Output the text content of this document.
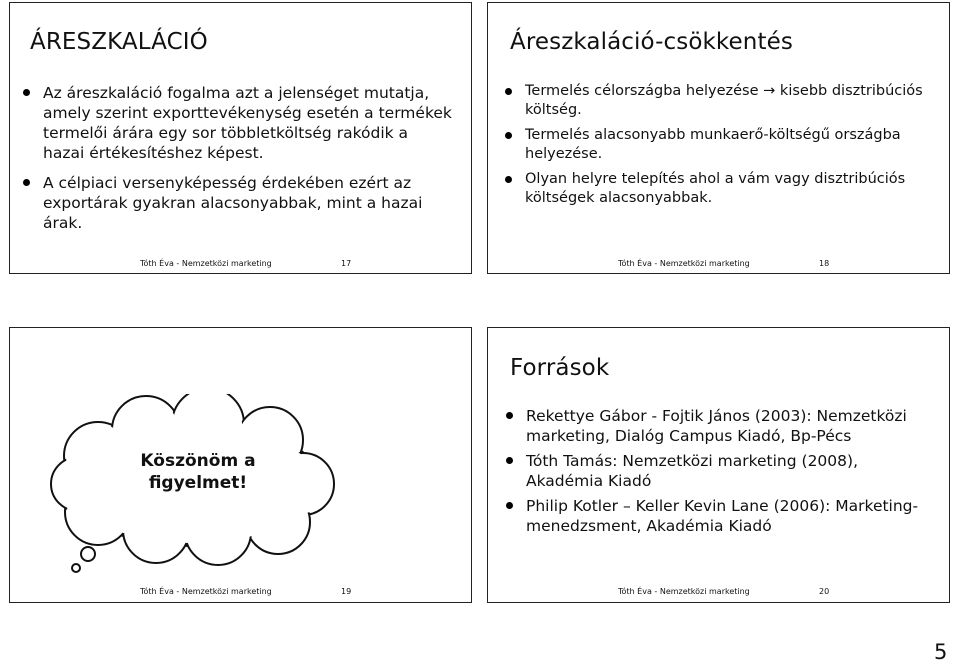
ÁRESZKALÁCIÓ
Az áreszkaláció fogalma azt a jelenséget mutatja, amely szerint exporttevékenység esetén a termékek termelői árára egy sor többletköltség rakódik a hazai értékesítéshez képest.
A célpiaci versenyképesség érdekében ezért az exportárak gyakran alacsonyabbak, mint a hazai árak.
Tóth Éva - Nemzetközi marketing	17
Áreszkaláció-csökkentés
Termelés célországba helyezése → kisebb disztribúciós költség.
Termelés alacsonyabb munkaerő-költségű országba helyezése.
Olyan helyre telepítés ahol a vám vagy disztribúciós költségek alacsonyabbak.
Tóth Éva - Nemzetközi marketing	18
Köszönöm a
figyelmet!
Tóth Éva - Nemzetközi marketing	19
Források
Rekettye Gábor - Fojtik János (2003): Nemzetközi marketing, Dialóg Campus Kiadó, Bp-Pécs
Tóth Tamás: Nemzetközi marketing (2008), Akadémia Kiadó
Philip Kotler – Keller Kevin Lane (2006): Marketing-menedzsment, Akadémia Kiadó
Tóth Éva - Nemzetközi marketing	20
5
